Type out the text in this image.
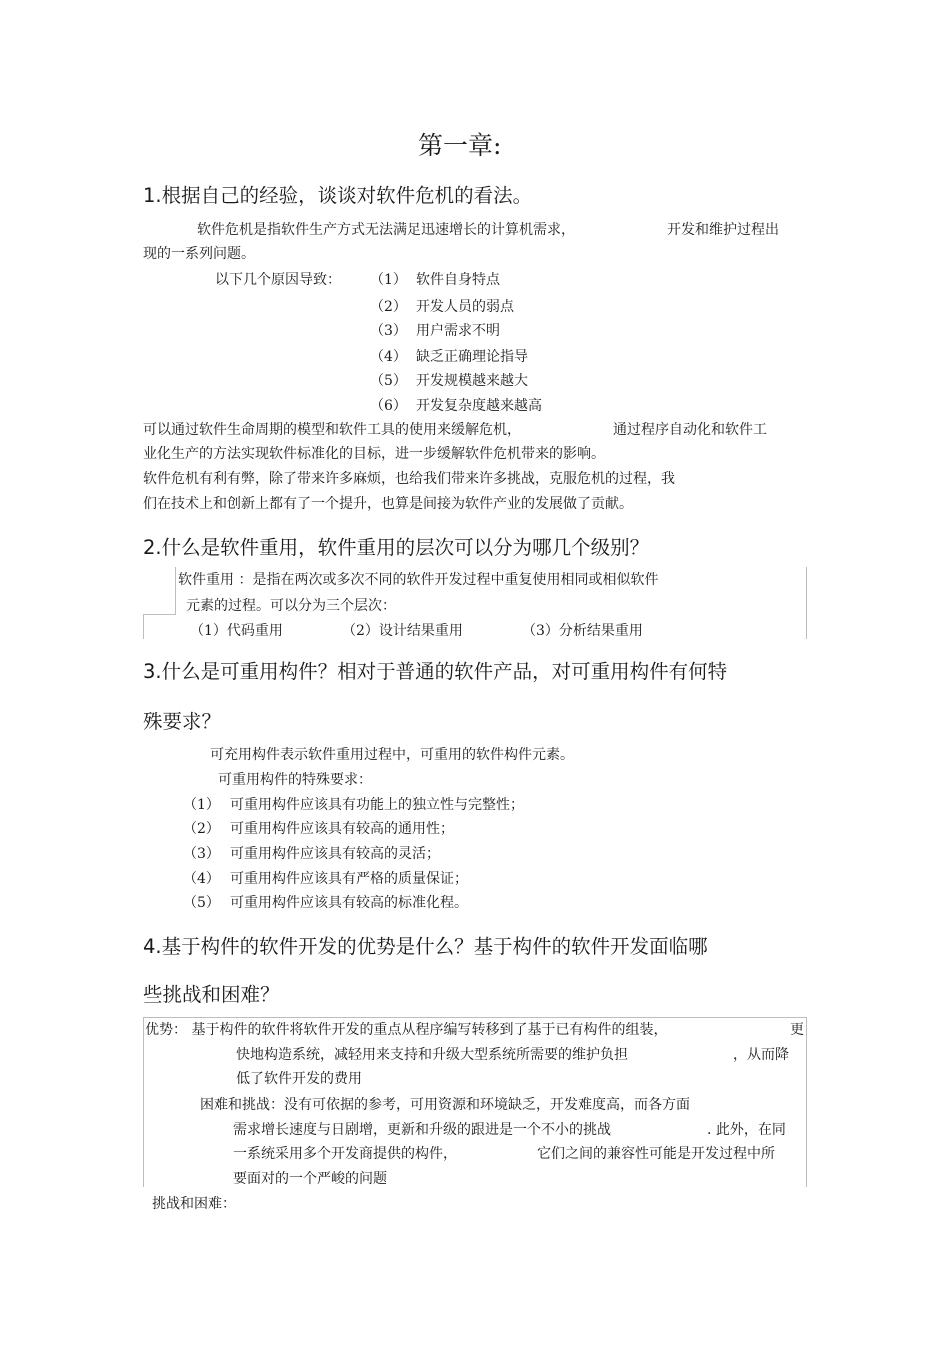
第一章:
1.根据自己的经验，谈谈对软件危机的看法。
软件危机是指软件生产方式无法满足迅速增长的计算机需求，	开发和维护过程出
现的一系列问题。
以下几个原因导致： （1） 软件自身特点
（2） 开发人员的弱点
（3） 用户需求不明
（4） 缺乏正确理论指导
（5） 开发规模越来越大
（6） 开发复杂度越来越高
可以通过软件生命周期的模型和软件工具的使用来缓解危机，	通过程序自动化和软件工
业化生产的方法实现软件标准化的目标，进一步缓解软件危机带来的影响。
软件危机有利有弊，除了带来许多麻烦，也给我们带来许多挑战，克服危机的过程，我
们在技术上和创新上都有了一个提升，也算是间接为软件产业的发展做了贡献。
2.什么是软件重用，软件重用的层次可以分为哪几个级别？
软件重用 ：是指在两次或多次不同的软件开发过程中重复使用相同或相似软件
元素的过程。可以分为三个层次：
（1）代码重用	（2）设计结果重用	（3）分析结果重用
3.什么是可重用构件？相对于普通的软件产品，对可重用构件有何特
殊要求？
可充用构件表示软件重用过程中，可重用的软件构件元素。
可重用构件的特殊要求：
（1） 可重用构件应该具有功能上的独立性与完整性；
（2） 可重用构件应该具有较高的通用性；
（3） 可重用构件应该具有较高的灵活；
（4） 可重用构件应该具有严格的质量保证；
（5） 可重用构件应该具有较高的标准化程。
4.基于构件的软件开发的优势是什么？基于构件的软件开发面临哪
些挑战和困难？
优势： 基于构件的软件将软件开发的重点从程序编写转移到了基于已有构件的组装，	更
快地构造系统，减轻用来支持和升级大型系统所需要的维护负担	，从而降
低了软件开发的费用
困难和挑战：没有可依据的参考，可用资源和环境缺乏，开发难度高，而各方面
需求增长速度与日剧增，更新和升级的跟进是一个不小的挑战	. 此外，在同
一系统采用多个开发商提供的构件，	它们之间的兼容性可能是开发过程中所
要面对的一个严峻的问题
挑战和困难：
